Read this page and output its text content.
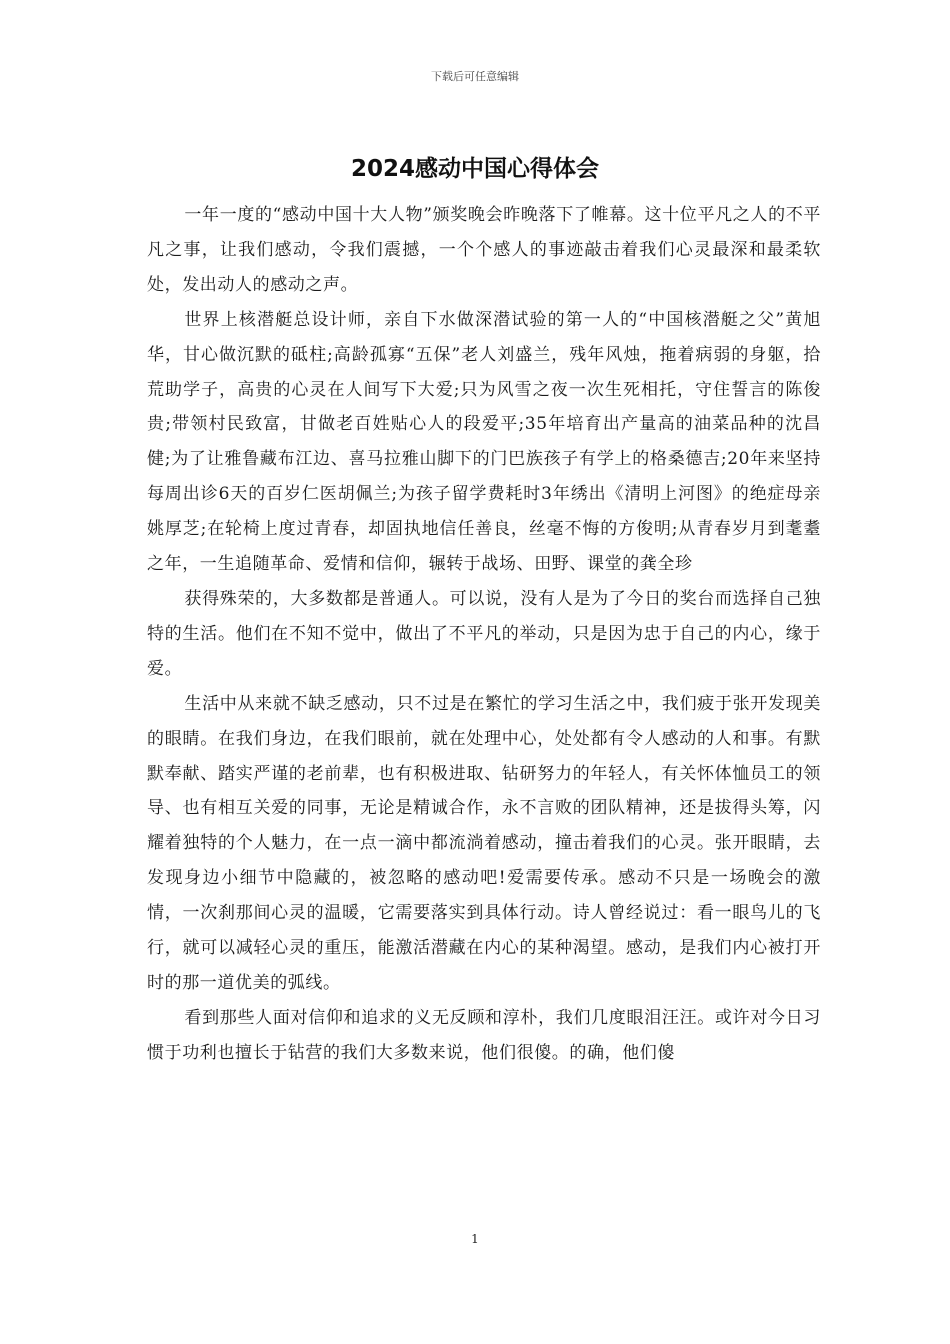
下载后可任意编辑
2024感动中国心得体会

一年一度的“感动中国十大人物”颁奖晚会昨晚落下了帷幕。这十位平凡之人的不平凡之事，让我们感动，令我们震撼，一个个感人的事迹敲击着我们心灵最深和最柔软处，发出动人的感动之声。

世界上核潜艇总设计师，亲自下水做深潜试验的第一人的“中国核潜艇之父”黄旭华，甘心做沉默的砥柱;高龄孤寡“五保”老人刘盛兰，残年风烛，拖着病弱的身躯，拾荒助学子，高贵的心灵在人间写下大爱;只为风雪之夜一次生死相托，守住誓言的陈俊贵;带领村民致富，甘做老百姓贴心人的段爱平;35年培育出产量高的油菜品种的沈昌健;为了让雅鲁藏布江边、喜马拉雅山脚下的门巴族孩子有学上的格桑德吉;20年来坚持每周出诊6天的百岁仁医胡佩兰;为孩子留学费耗时3年绣出《清明上河图》的绝症母亲姚厚芝;在轮椅上度过青春，却固执地信任善良，丝毫不悔的方俊明;从青春岁月到耄耋之年，一生追随革命、爱情和信仰，辗转于战场、田野、课堂的龚全珍

获得殊荣的，大多数都是普通人。可以说，没有人是为了今日的奖台而选择自己独特的生活。他们在不知不觉中，做出了不平凡的举动，只是因为忠于自己的内心，缘于爱。

生活中从来就不缺乏感动，只不过是在繁忙的学习生活之中，我们疲于张开发现美的眼睛。在我们身边，在我们眼前，就在处理中心，处处都有令人感动的人和事。有默默奉献、踏实严谨的老前辈，也有积极进取、钻研努力的年轻人，有关怀体恤员工的领导、也有相互关爱的同事，无论是精诚合作，永不言败的团队精神，还是拔得头筹，闪耀着独特的个人魅力，在一点一滴中都流淌着感动，撞击着我们的心灵。张开眼睛，去发现身边小细节中隐藏的，被忽略的感动吧!爱需要传承。感动不只是一场晚会的激情，一次刹那间心灵的温暖，它需要落实到具体行动。诗人曾经说过：看一眼鸟儿的飞行，就可以减轻心灵的重压，能激活潜藏在内心的某种渴望。感动，是我们内心被打开时的那一道优美的弧线。

看到那些人面对信仰和追求的义无反顾和淳朴，我们几度眼泪汪汪。或许对今日习惯于功利也擅长于钻营的我们大多数来说，他们很傻。的确，他们傻

1
